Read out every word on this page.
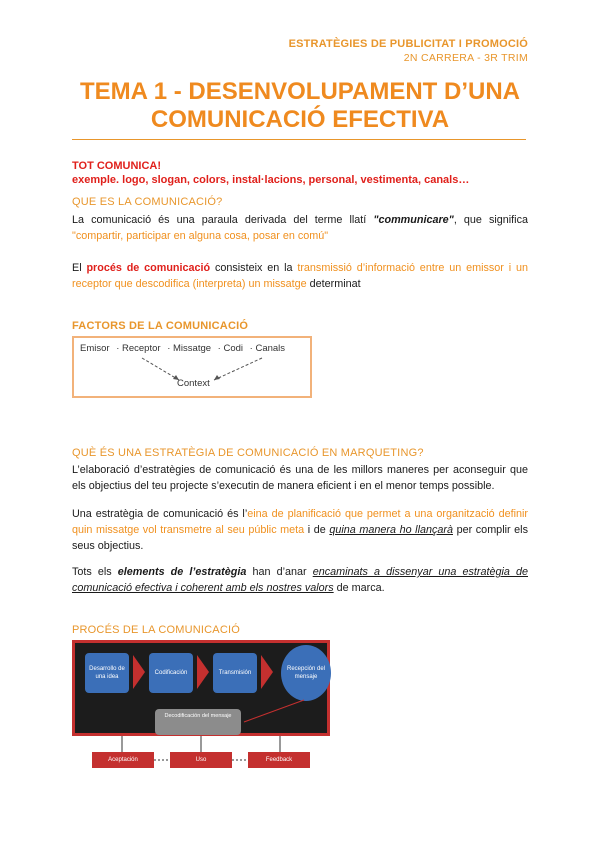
ESTRATÈGIES DE PUBLICITAT I PROMOCIÓ
2N CARRERA - 3R TRIM
TEMA 1 - DESENVOLUPAMENT D’UNA
COMUNICACIÓ EFECTIVA
TOT COMUNICA!
exemple. logo, slogan, colors, instal·lacions, personal, vestimenta, canals…
QUE ES LA COMUNICACIÓ?
La comunicació és una paraula derivada del terme llatí "communicare", que significa "compartir, participar en alguna cosa, posar en comú"
El procés de comunicació consisteix en la transmissió d’informació entre un emissor i un receptor que descodifica (interpreta) un missatge determinat
FACTORS DE LA COMUNICACIÓ
Emisor · Receptor · Missatge · Codi · Canals
Context
QUÈ ÉS UNA ESTRATÈGIA DE COMUNICACIÓ EN MARQUETING?
L’elaboració d’estratègies de comunicació és una de les millors maneres per aconseguir que els objectius del teu projecte s’executin de manera eficient i en el menor temps possible.
Una estratègia de comunicació és l’eina de planificació que permet a una organització definir quin missatge vol transmetre al seu públic meta i de quina manera ho llançarà per complir els seus objectius.
Tots els elements de l’estratègia han d’anar encaminats a dissenyar una estratègia de comunicació efectiva i coherent amb els nostres valors de marca.
PROCÉS DE LA COMUNICACIÓ
Desarrollo de una idea
Codificación	Transmisión
Recepción del mensaje
Decodificación del mensaje
Aceptación	Uso	Feedback
